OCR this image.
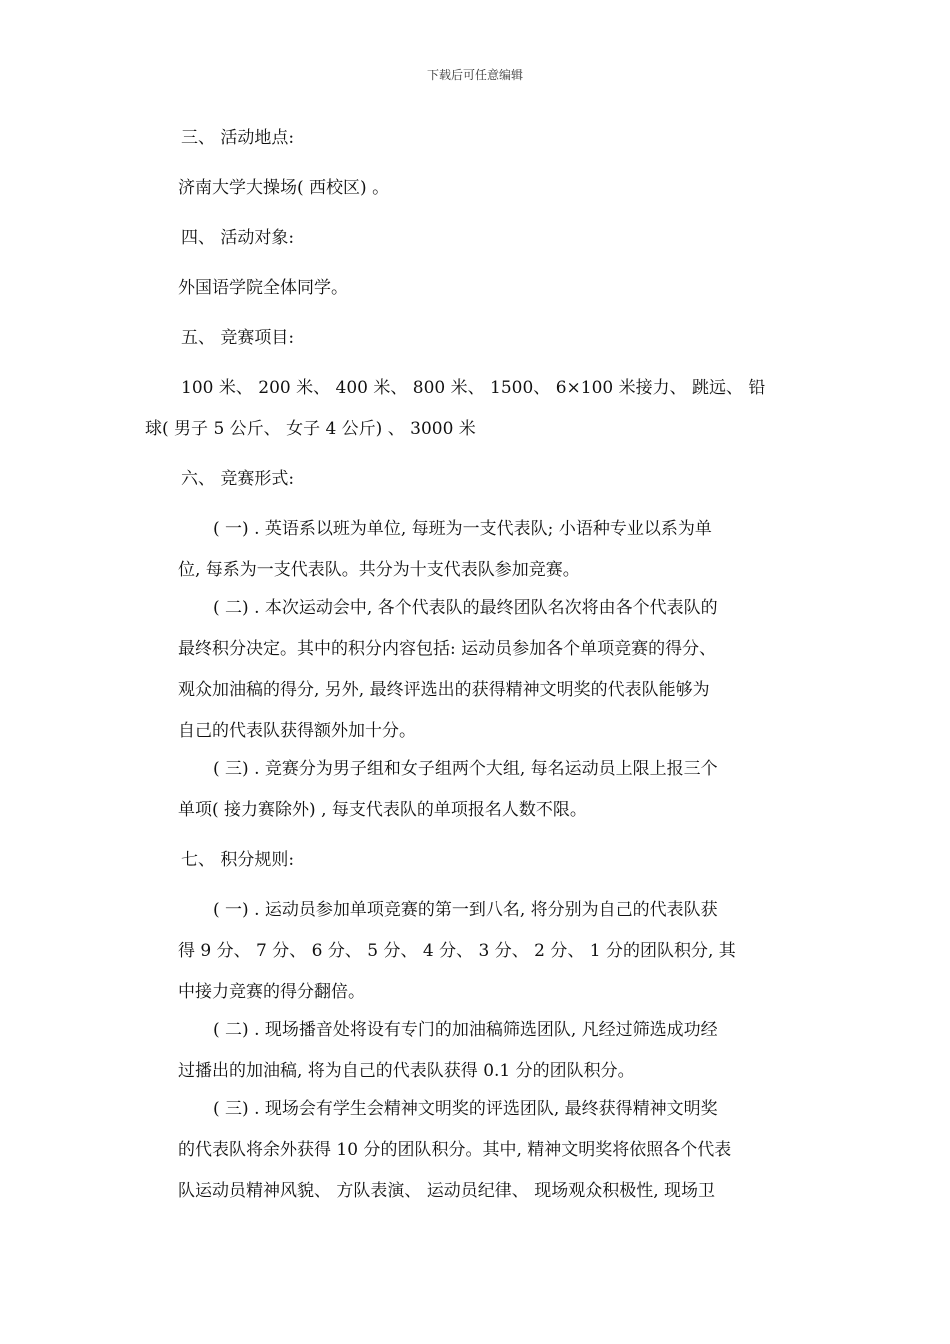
下载后可任意编辑
三、 活动地点:
济南大学大操场( 西校区) 。
四、 活动对象:
外国语学院全体同学。
五、 竞赛项目:
100 米、 200 米、 400 米、 800 米、 1500、 6×100 米接力、 跳远、 铅
球( 男子 5 公斤、 女子 4 公斤) 、 3000 米
六、 竞赛形式:
( 一) . 英语系以班为单位, 每班为一支代表队; 小语种专业以系为单
位, 每系为一支代表队。共分为十支代表队参加竞赛。
( 二) . 本次运动会中, 各个代表队的最终团队名次将由各个代表队的
最终积分决定。其中的积分内容包括: 运动员参加各个单项竞赛的得分、
观众加油稿的得分, 另外, 最终评选出的获得精神文明奖的代表队能够为
自己的代表队获得额外加十分。
( 三) . 竞赛分为男子组和女子组两个大组, 每名运动员上限上报三个
单项( 接力赛除外) , 每支代表队的单项报名人数不限。
七、 积分规则:
( 一) . 运动员参加单项竞赛的第一到八名, 将分别为自己的代表队获
得 9 分、 7 分、 6 分、 5 分、 4 分、 3 分、 2 分、 1 分的团队积分, 其
中接力竞赛的得分翻倍。
( 二) . 现场播音处将设有专门的加油稿筛选团队, 凡经过筛选成功经
过播出的加油稿, 将为自己的代表队获得 0.1 分的团队积分。
( 三) . 现场会有学生会精神文明奖的评选团队, 最终获得精神文明奖
的代表队将余外获得 10 分的团队积分。其中, 精神文明奖将依照各个代表
队运动员精神风貌、 方队表演、 运动员纪律、 现场观众积极性, 现场卫
